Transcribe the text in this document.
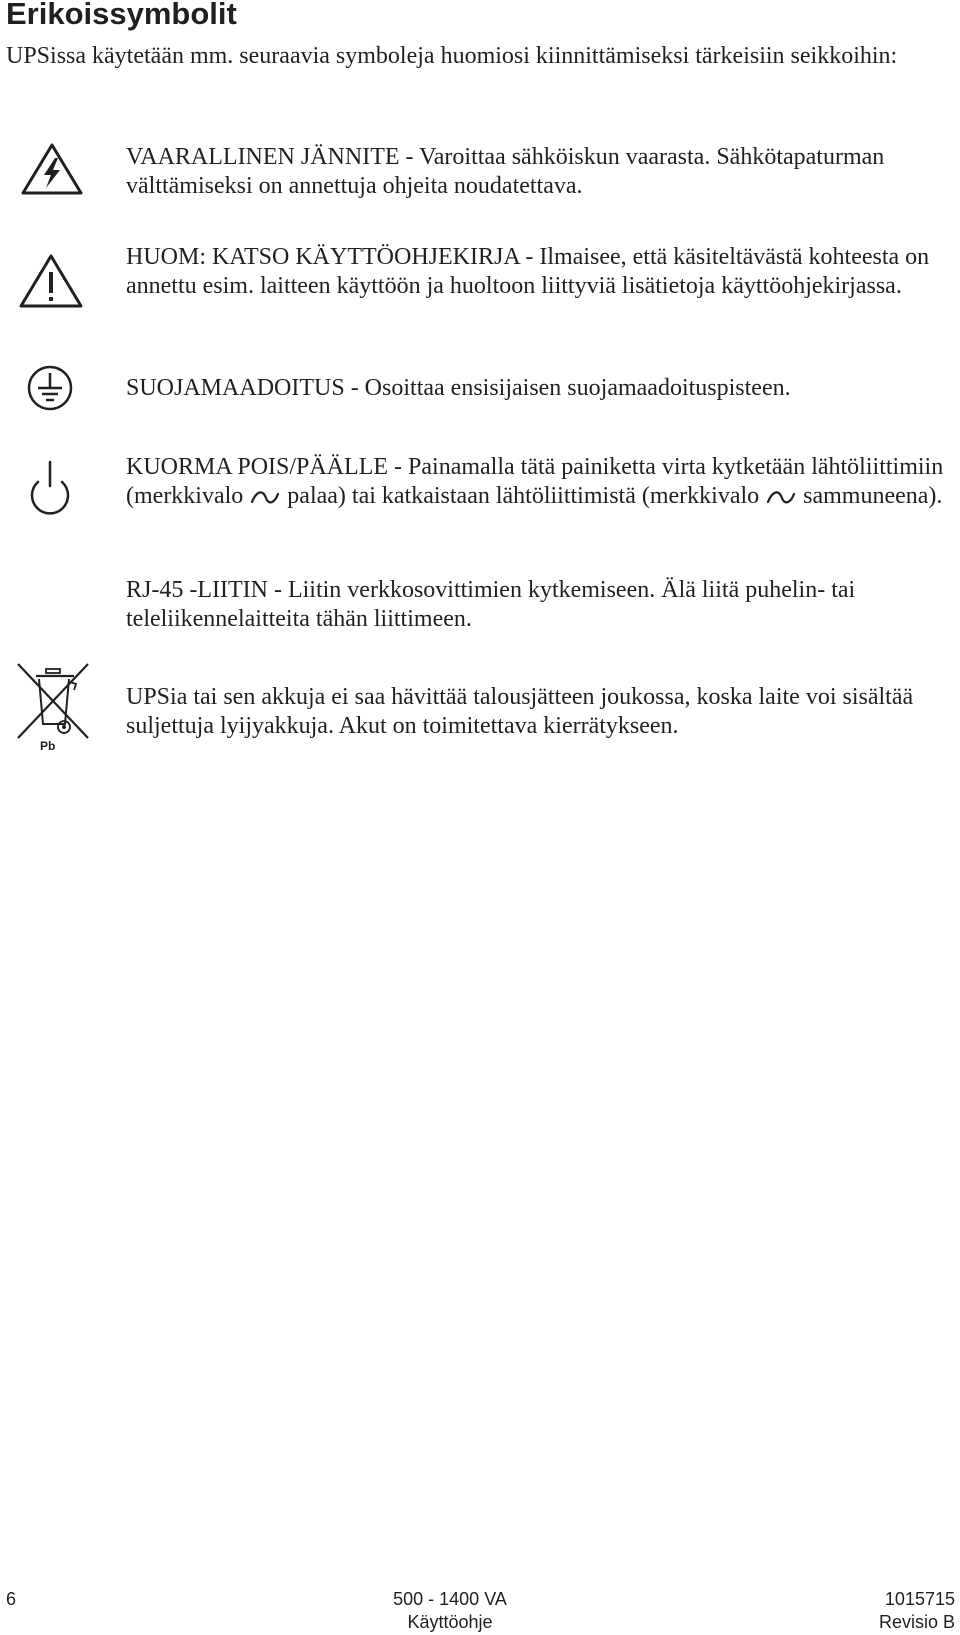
Erikoissymbolit

UPSissa käytetään mm. seuraavia symboleja huomiosi kiinnittämiseksi tärkeisiin seikkoihin:

VAARALLINEN JÄNNITE - Varoittaa sähköiskun vaarasta. Sähkötapaturman välttämiseksi on annettuja ohjeita noudatettava.

HUOM: KATSO KÄYTTÖOHJEKIRJA - Ilmaisee, että käsiteltävästä kohteesta on annettu esim. laitteen käyttöön ja huoltoon liittyviä lisätietoja käyttöohjekirjassa.

SUOJAMAADOITUS - Osoittaa ensisijaisen suojamaadoituspisteen.

KUORMA POIS/PÄÄLLE - Painamalla tätä painiketta virta kytketään lähtöliittimiin (merkkivalo  palaa) tai katkaistaan lähtöliittimistä (merkkivalo  sammuneena).

RJ-45 -LIITIN - Liitin verkkosovittimien kytkemiseen. Älä liitä puhelin- tai teleliikennelaitteita tähän liittimeen.

Pb

UPSia tai sen akkuja ei saa hävittää talousjätteen joukossa, koska laite voi sisältää suljettuja lyijyakkuja. Akut on toimitettava kierrätykseen.

6	500 - 1400 VA
Käyttöohje

1015715
Revisio B
